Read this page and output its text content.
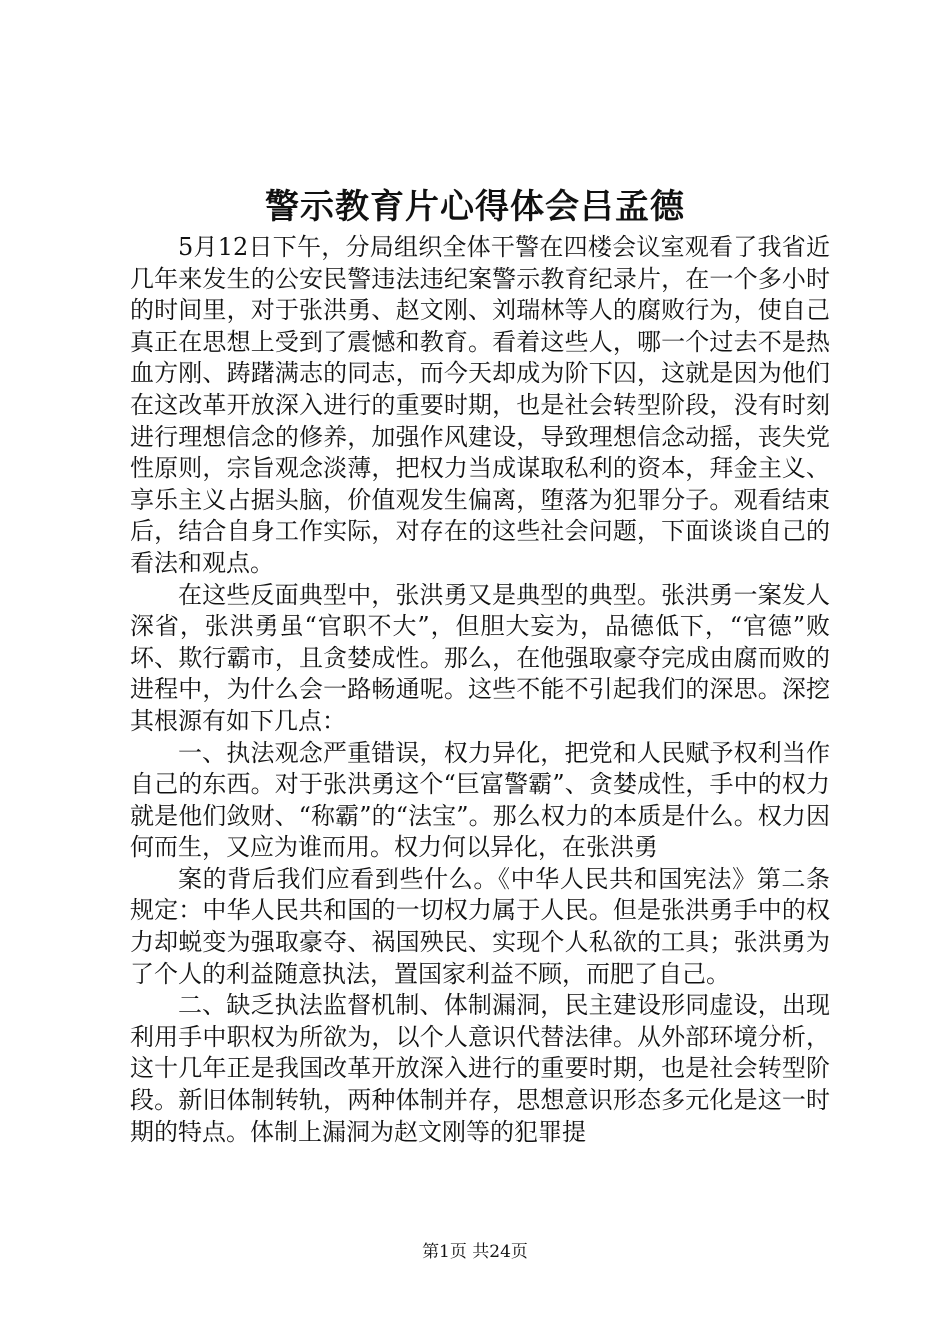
警示教育片心得体会吕孟德

5月12日下午，分局组织全体干警在四楼会议室观看了我省近几年来发生的公安民警违法违纪案警示教育纪录片，在一个多小时的时间里，对于张洪勇、赵文刚、刘瑞林等人的腐败行为，使自己真正在思想上受到了震憾和教育。看着这些人，哪一个过去不是热血方刚、踌躇满志的同志，而今天却成为阶下囚，这就是因为他们在这改革开放深入进行的重要时期，也是社会转型阶段，没有时刻进行理想信念的修养，加强作风建设，导致理想信念动摇，丧失党性原则，宗旨观念淡薄，把权力当成谋取私利的资本，拜金主义、享乐主义占据头脑，价值观发生偏离，堕落为犯罪分子。观看结束后，结合自身工作实际，对存在的这些社会问题，下面谈谈自己的看法和观点。

在这些反面典型中，张洪勇又是典型的典型。张洪勇一案发人深省，张洪勇虽“官职不大”，但胆大妄为，品德低下，“官德”败坏、欺行霸市，且贪婪成性。那么，在他强取豪夺完成由腐而败的进程中，为什么会一路畅通呢。这些不能不引起我们的深思。深挖其根源有如下几点：

一、执法观念严重错误，权力异化，把党和人民赋予权利当作自己的东西。对于张洪勇这个“巨富警霸”、贪婪成性，手中的权力就是他们敛财、“称霸”的“法宝”。那么权力的本质是什么。权力因何而生，又应为谁而用。权力何以异化，在张洪勇

案的背后我们应看到些什么。《中华人民共和国宪法》第二条规定：中华人民共和国的一切权力属于人民。但是张洪勇手中的权力却蜕变为强取豪夺、祸国殃民、实现个人私欲的工具；张洪勇为了个人的利益随意执法，置国家利益不顾，而肥了自己。

二、缺乏执法监督机制、体制漏洞，民主建设形同虚设，出现利用手中职权为所欲为，以个人意识代替法律。从外部环境分析，这十几年正是我国改革开放深入进行的重要时期，也是社会转型阶段。新旧体制转轨，两种体制并存，思想意识形态多元化是这一时期的特点。体制上漏洞为赵文刚等的犯罪提

第1页 共24页
